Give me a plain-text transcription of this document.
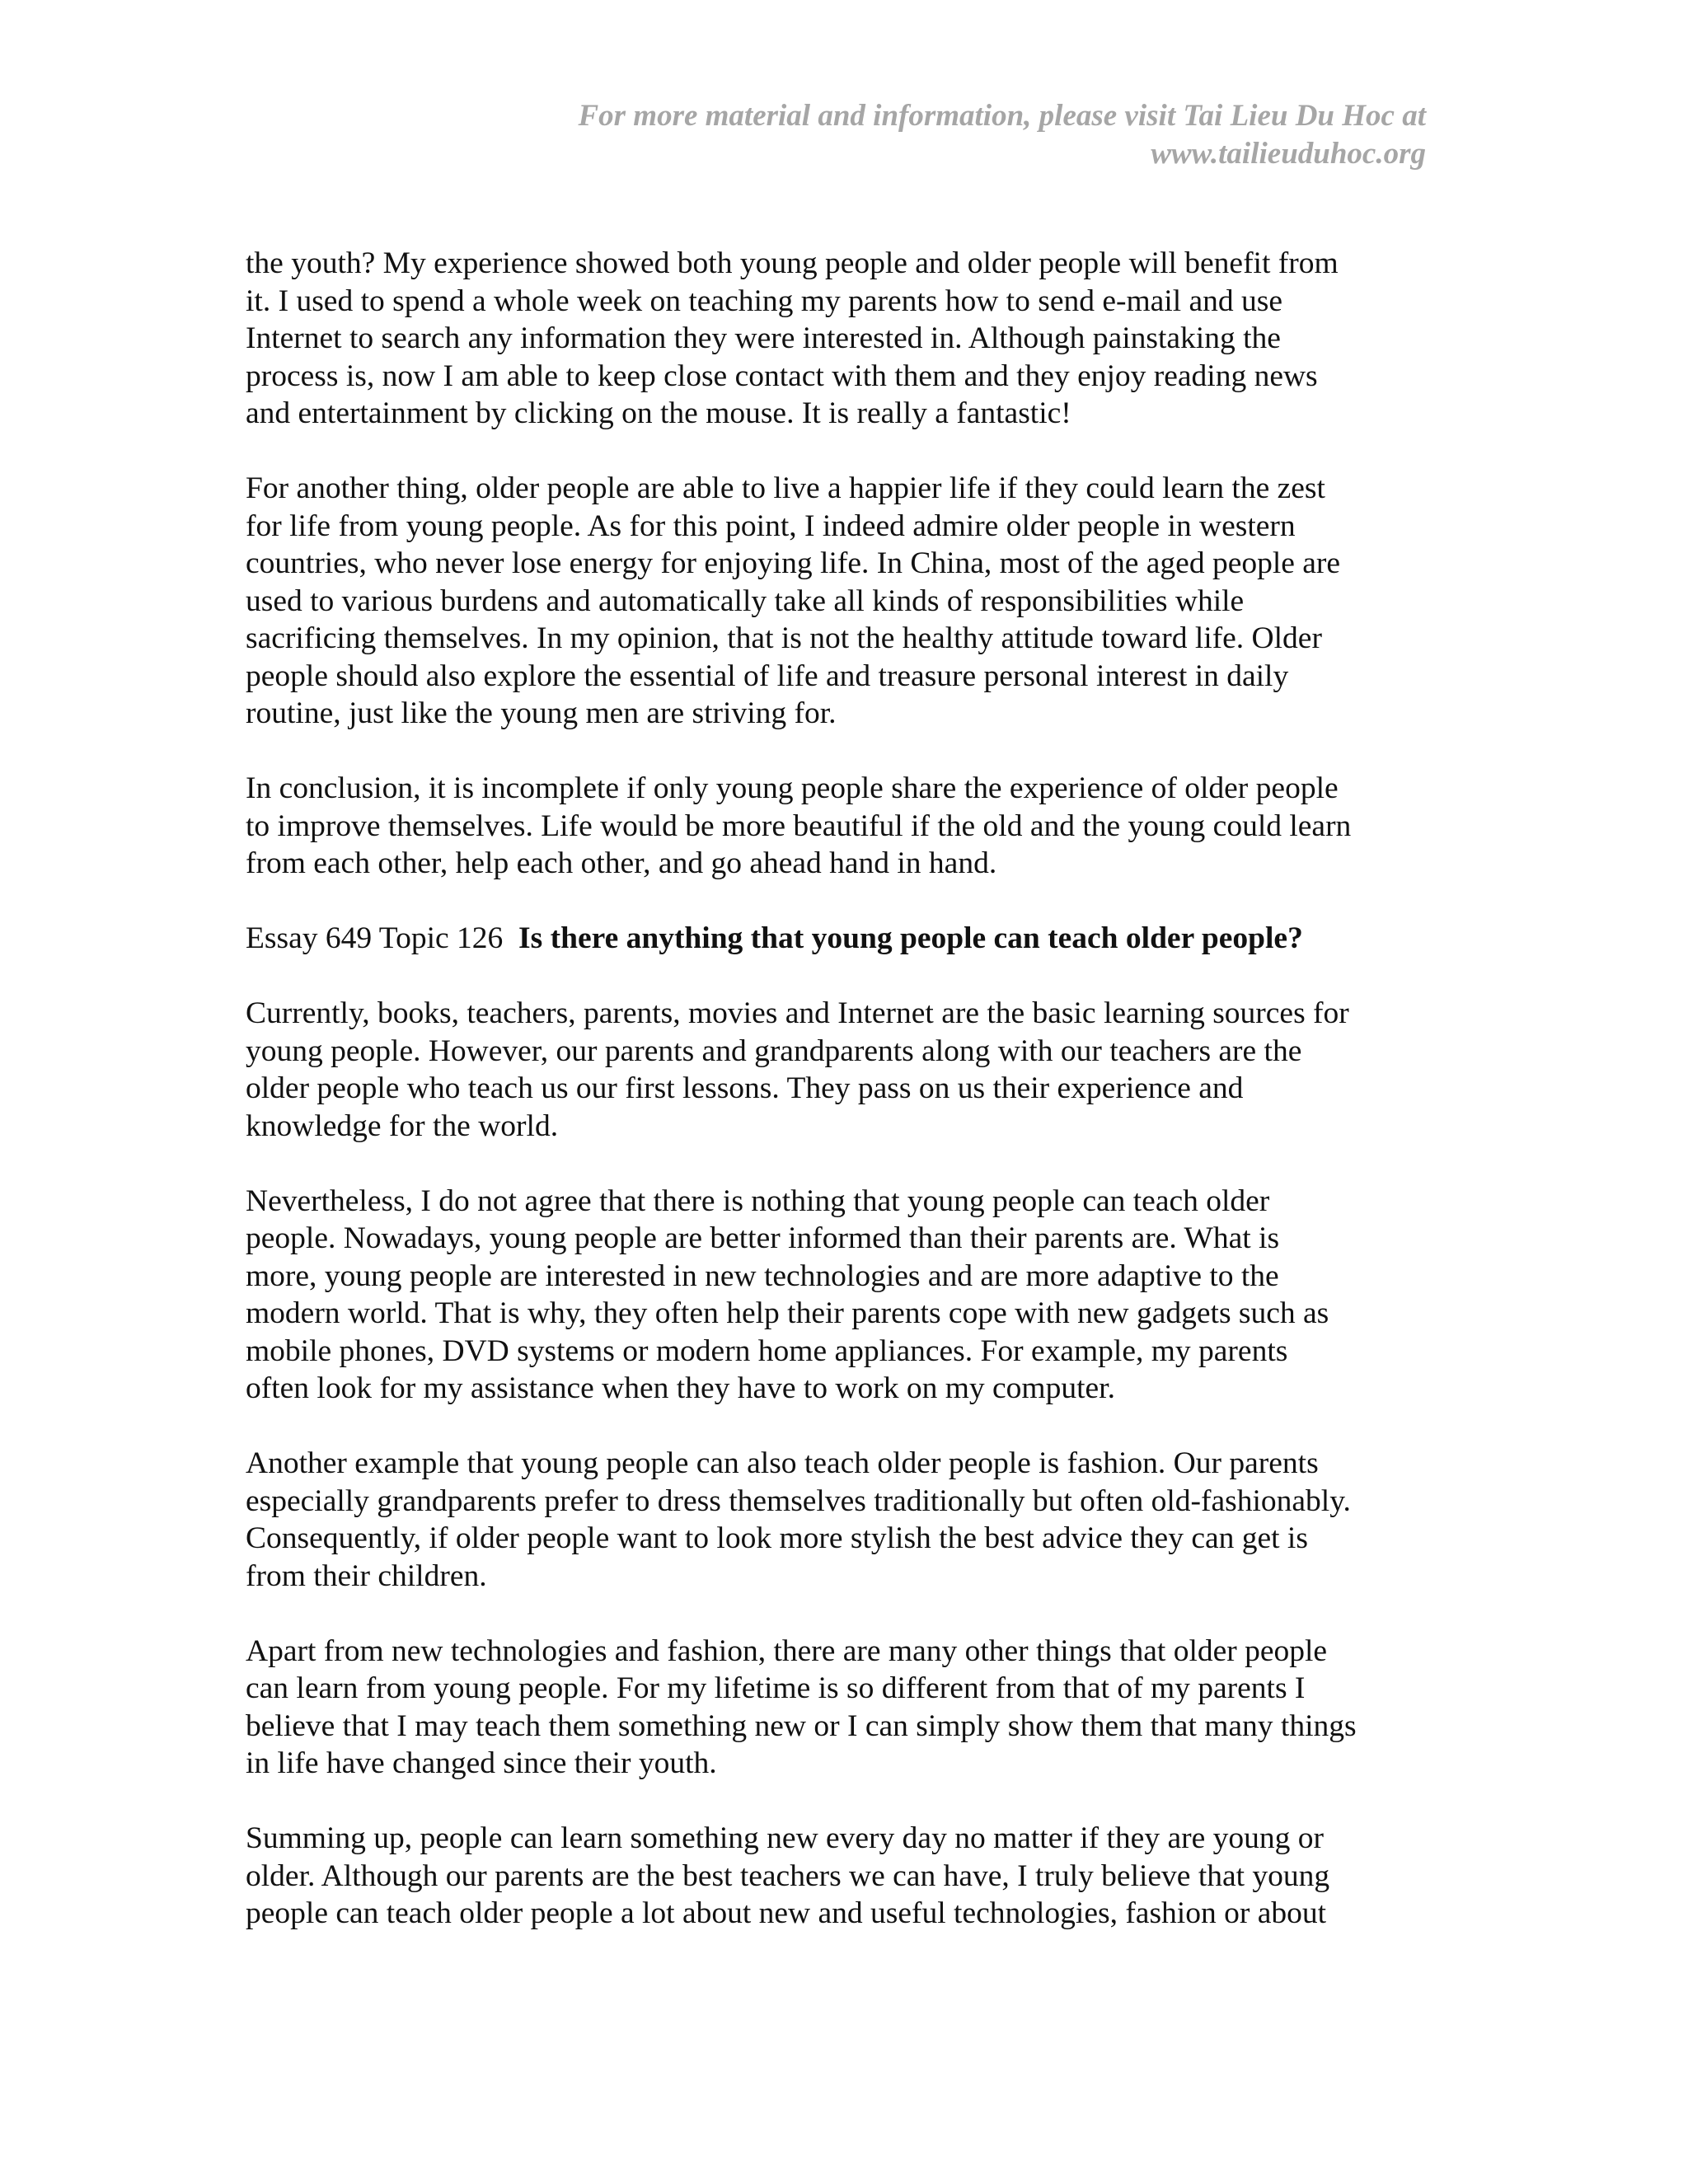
For more material and information, please visit Tai Lieu Du Hoc at
www.tailieuduhoc.org

the youth? My experience showed both young people and older people will benefit from
it. I used to spend a whole week on teaching my parents how to send e-mail and use
Internet to search any information they were interested in. Although painstaking the
process is, now I am able to keep close contact with them and they enjoy reading news
and entertainment by clicking on the mouse. It is really a fantastic!

For another thing, older people are able to live a happier life if they could learn the zest
for life from young people. As for this point, I indeed admire older people in western
countries, who never lose energy for enjoying life. In China, most of the aged people are
used to various burdens and automatically take all kinds of responsibilities while
sacrificing themselves. In my opinion, that is not the healthy attitude toward life. Older
people should also explore the essential of life and treasure personal interest in daily
routine, just like the young men are striving for.

In conclusion, it is incomplete if only young people share the experience of older people
to improve themselves. Life would be more beautiful if the old and the young could learn
from each other, help each other, and go ahead hand in hand.

Essay 649 Topic 126 Is there anything that young people can teach older people?

Currently, books, teachers, parents, movies and Internet are the basic learning sources for
young people. However, our parents and grandparents along with our teachers are the
older people who teach us our first lessons. They pass on us their experience and
knowledge for the world.

Nevertheless, I do not agree that there is nothing that young people can teach older
people. Nowadays, young people are better informed than their parents are. What is
more, young people are interested in new technologies and are more adaptive to the
modern world. That is why, they often help their parents cope with new gadgets such as
mobile phones, DVD systems or modern home appliances. For example, my parents
often look for my assistance when they have to work on my computer.

Another example that young people can also teach older people is fashion. Our parents
especially grandparents prefer to dress themselves traditionally but often old-fashionably.
Consequently, if older people want to look more stylish the best advice they can get is
from their children.

Apart from new technologies and fashion, there are many other things that older people
can learn from young people. For my lifetime is so different from that of my parents I
believe that I may teach them something new or I can simply show them that many things
in life have changed since their youth.

Summing up, people can learn something new every day no matter if they are young or
older. Although our parents are the best teachers we can have, I truly believe that young
people can teach older people a lot about new and useful technologies, fashion or about
